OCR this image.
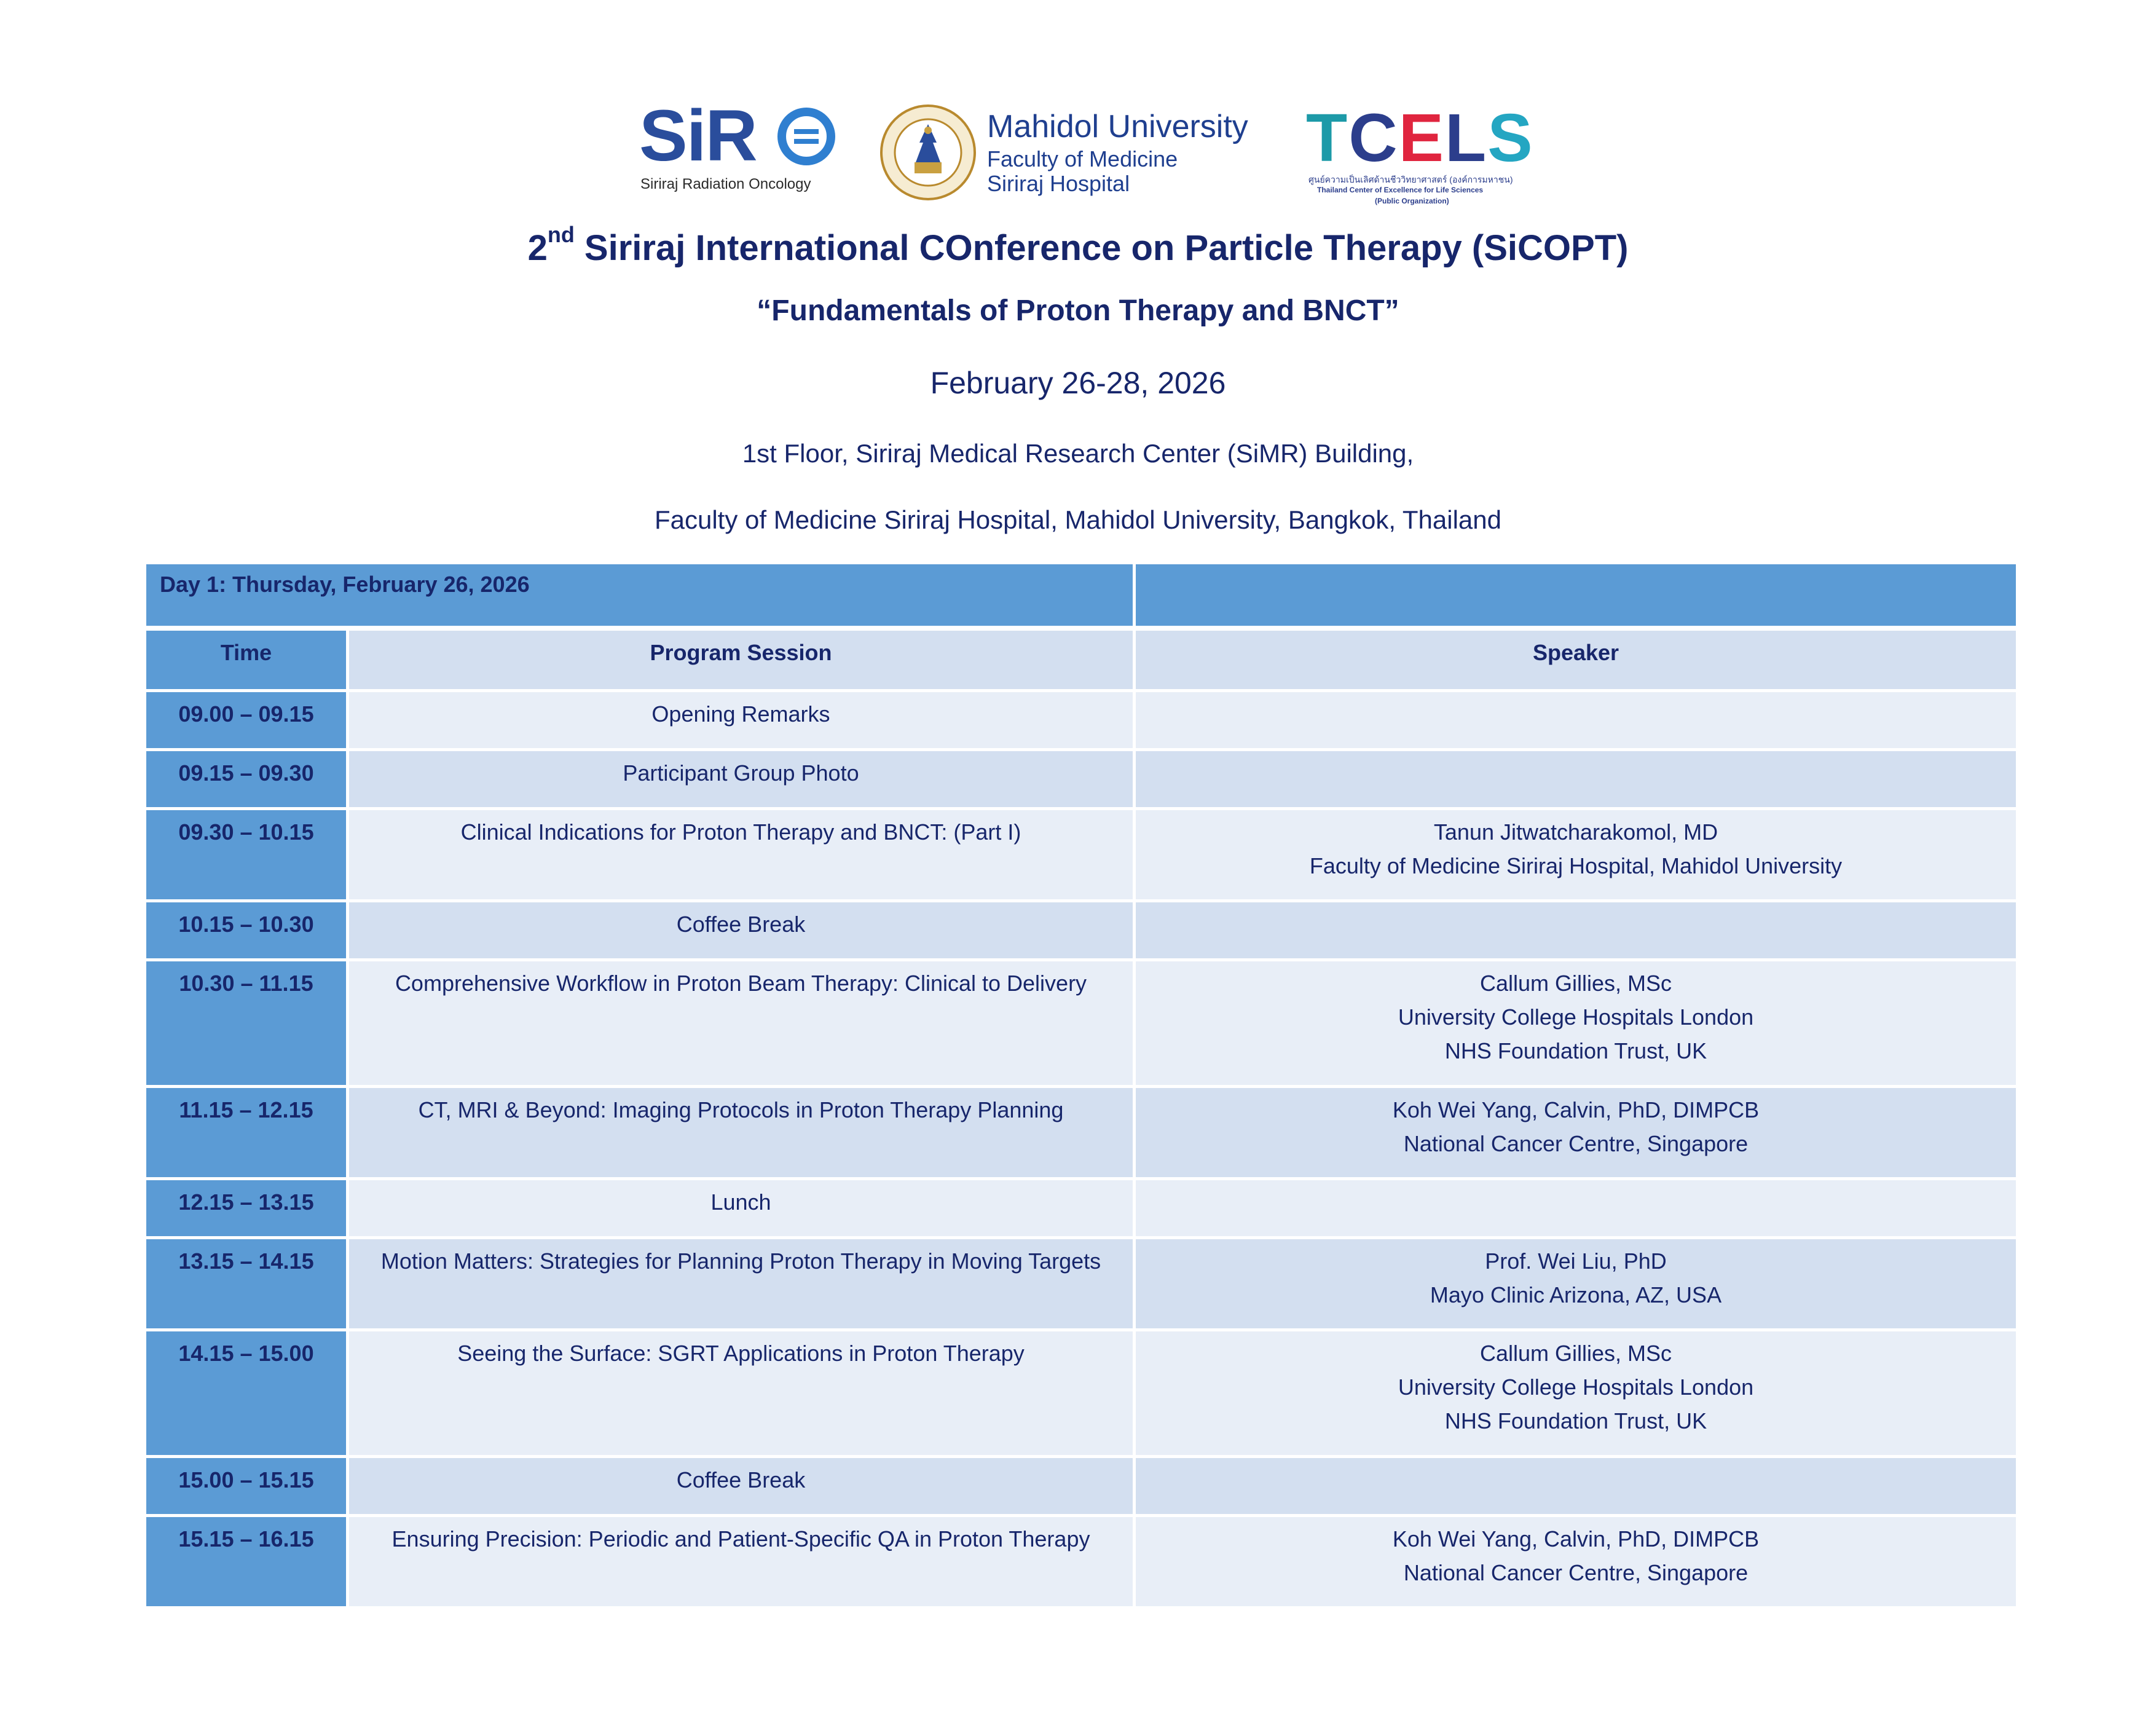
SiR
Siriraj Radiation Oncology
Mahidol University
Faculty of Medicine
Siriraj Hospital
TCELS
ศูนย์ความเป็นเลิศด้านชีววิทยาศาสตร์ (องค์การมหาชน)
Thailand Center of Excellence for Life Sciences
(Public Organization)
2nd Siriraj International COnference on Particle Therapy (SiCOPT)
“Fundamentals of Proton Therapy and BNCT”
February 26-28, 2026
1st Floor, Siriraj Medical Research Center (SiMR) Building,
Faculty of Medicine Siriraj Hospital, Mahidol University, Bangkok, Thailand
Day 1: Thursday, February 26, 2026
Time	Program Session	Speaker
09.00 – 09.15	Opening Remarks
09.15 – 09.30	Participant Group Photo
09.30 – 10.15	Clinical Indications for Proton Therapy and BNCT: (Part I)	Tanun Jitwatcharakomol, MD
Faculty of Medicine Siriraj Hospital, Mahidol University
10.15 – 10.30	Coffee Break
10.30 – 11.15	Comprehensive Workflow in Proton Beam Therapy: Clinical to Delivery	Callum Gillies, MSc
University College Hospitals London
NHS Foundation Trust, UK
11.15 – 12.15	CT, MRI & Beyond: Imaging Protocols in Proton Therapy Planning	Koh Wei Yang, Calvin, PhD, DIMPCB
National Cancer Centre, Singapore
12.15 – 13.15	Lunch
13.15 – 14.15	Motion Matters: Strategies for Planning Proton Therapy in Moving Targets	Prof. Wei Liu, PhD
Mayo Clinic Arizona, AZ, USA
14.15 – 15.00	Seeing the Surface: SGRT Applications in Proton Therapy	Callum Gillies, MSc
University College Hospitals London
NHS Foundation Trust, UK
15.00 – 15.15	Coffee Break
15.15 – 16.15	Ensuring Precision: Periodic and Patient-Specific QA in Proton Therapy	Koh Wei Yang, Calvin, PhD, DIMPCB
National Cancer Centre, Singapore
